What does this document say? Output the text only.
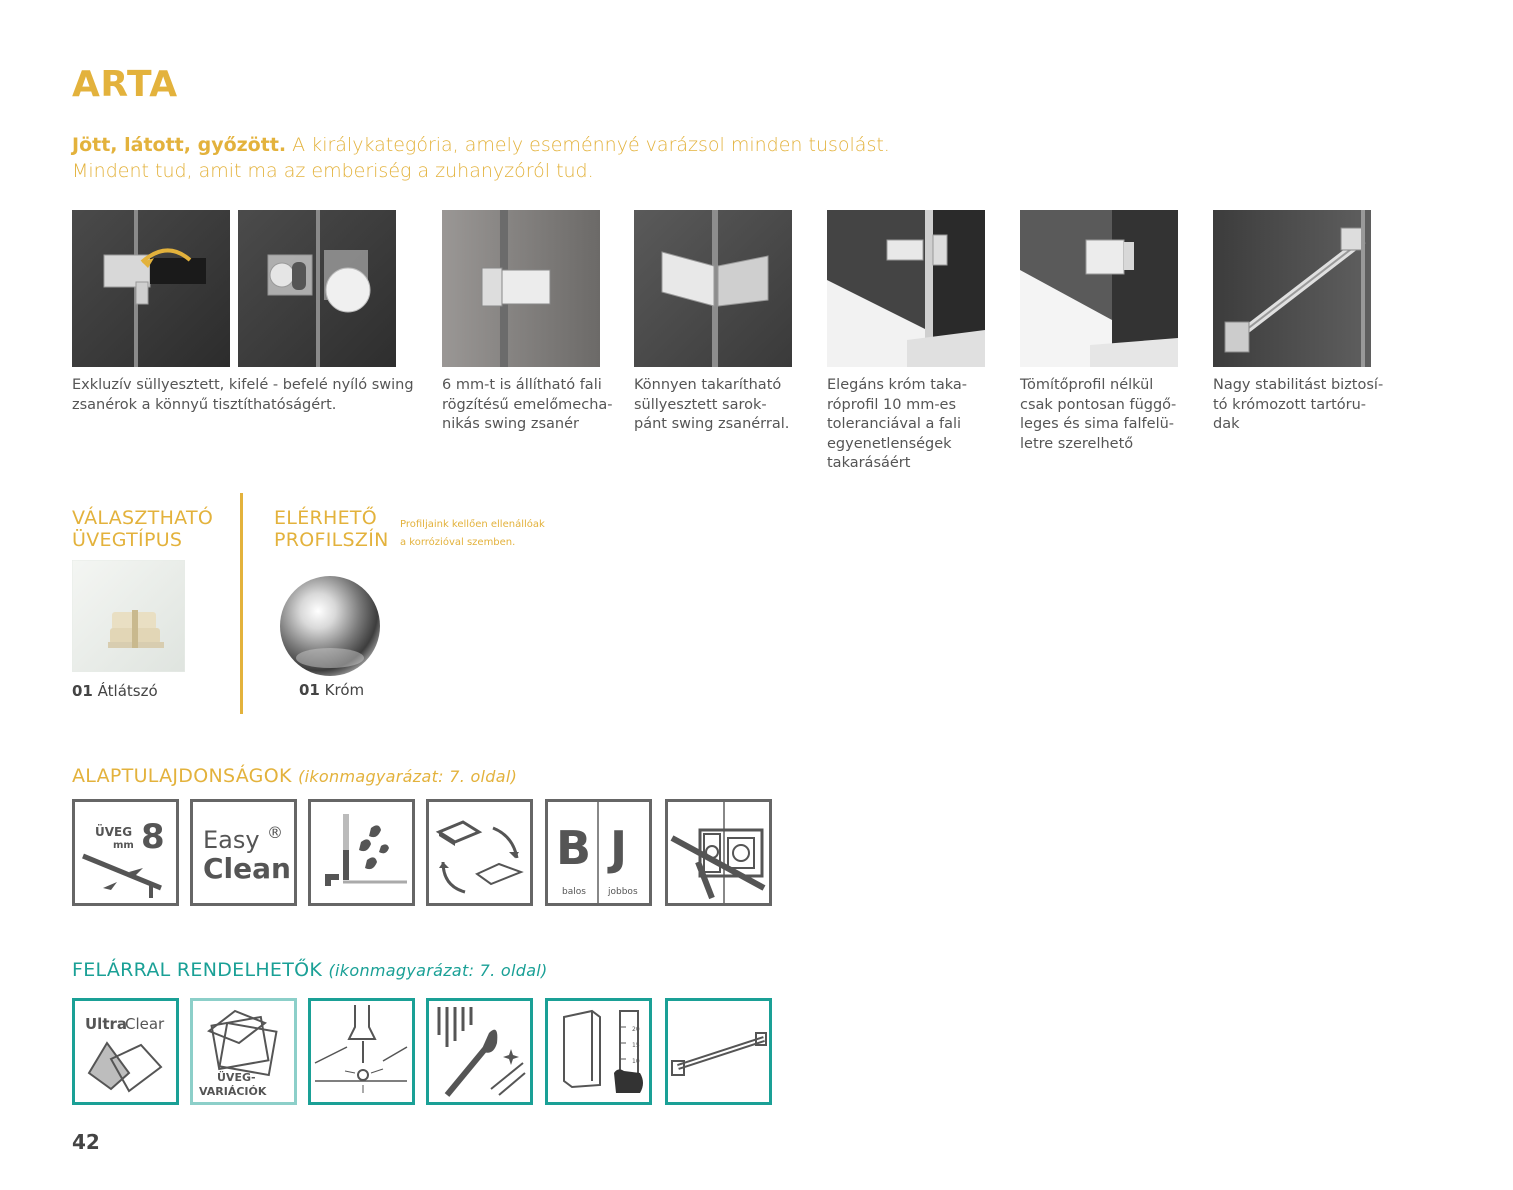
ARTA
Jött, látott, győzött. A királykategória, amely eseménnyé varázsol minden tusolást.
Mindent tud, amit ma az emberiség a zuhanyzóról tud.
Exkluzív süllyesztett, kifelé - befelé nyíló swing
zsanérok a könnyű tisztíthatóságért.
6 mm-t is állítható fali
rögzítésű emelőmecha-
nikás swing zsanér
Könnyen takarítható
süllyesztett sarok-
pánt swing zsanérral.
Elegáns króm taka-
róprofil 10 mm-es
toleranciával a fali
egyenetlenségek
takarásáért
Tömítőprofil nélkül
csak pontosan függő-
leges és sima falfelü-
letre szerelhető
Nagy stabilitást biztosí-
tó krómozott tartóru-
dak
VÁLASZTHATÓ
ÜVEGTÍPUS
01 Átlátszó
ELÉRHETŐ
PROFILSZÍN
Profiljaink kellően ellenállóak
a korrózióval szemben.
01 Króm
ALAPTULAJDONSÁGOK (ikonmagyarázat: 7. oldal)
ÜVEG
mm 8 Easy ®
Clean	B J
balos jobbos
FELÁRRAL RENDELHETŐK (ikonmagyarázat: 7. oldal)
Ultra
Clear
ÜVEG-
VARIÁCIÓK
20
15
10
42
